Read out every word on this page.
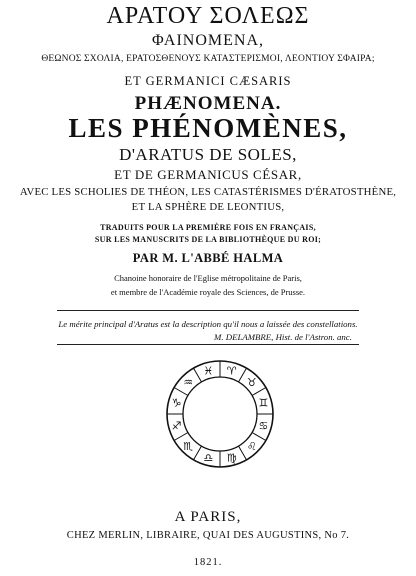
ΑΡΑΤΟΥ ΣΟΛΕΩΣ
ΦΑΙΝΟΜΕΝΑ,
ΘΕΩΝΟΣ ΣΧΟΛΙΑ, ΕΡΑΤΟΣΘΕΝΟΥΣ ΚΑΤΑΣΤΕΡΙΣΜΟΙ, ΛΕΟΝΤΙΟΥ ΣΦΑΙΡΑ;
ET GERMANICI CÆSARIS
PHÆNOMENA.
LES PHÉNOMÈNES,
D'ARATUS DE SOLES,
ET DE GERMANICUS CÉSAR,
AVEC LES SCHOLIES DE THÉON, LES CATASTÉRISMES D'ÉRATOSTHÈNE,
ET LA SPHÈRE DE LEONTIUS,
TRADUITS POUR LA PREMIÈRE FOIS EN FRANÇAIS,
SUR LES MANUSCRITS DE LA BIBLIOTHÈQUE DU ROI;
PAR M. L'ABBÉ HALMA
Chanoine honoraire de l'Eglise métropolitaine de Paris,
et membre de l'Académie royale des Sciences, de Prusse.
Le mérite principal d'Aratus est la description qu'il nous a laissée des constellations.
M. DELAMBRE, Hist. de l'Astron. anc.
♈
♉
♊
♋
♌
♍
♎
♏
♐
♑
♒
♓
A PARIS,
CHEZ MERLIN, LIBRAIRE, QUAI DES AUGUSTINS, No 7.
1821.
